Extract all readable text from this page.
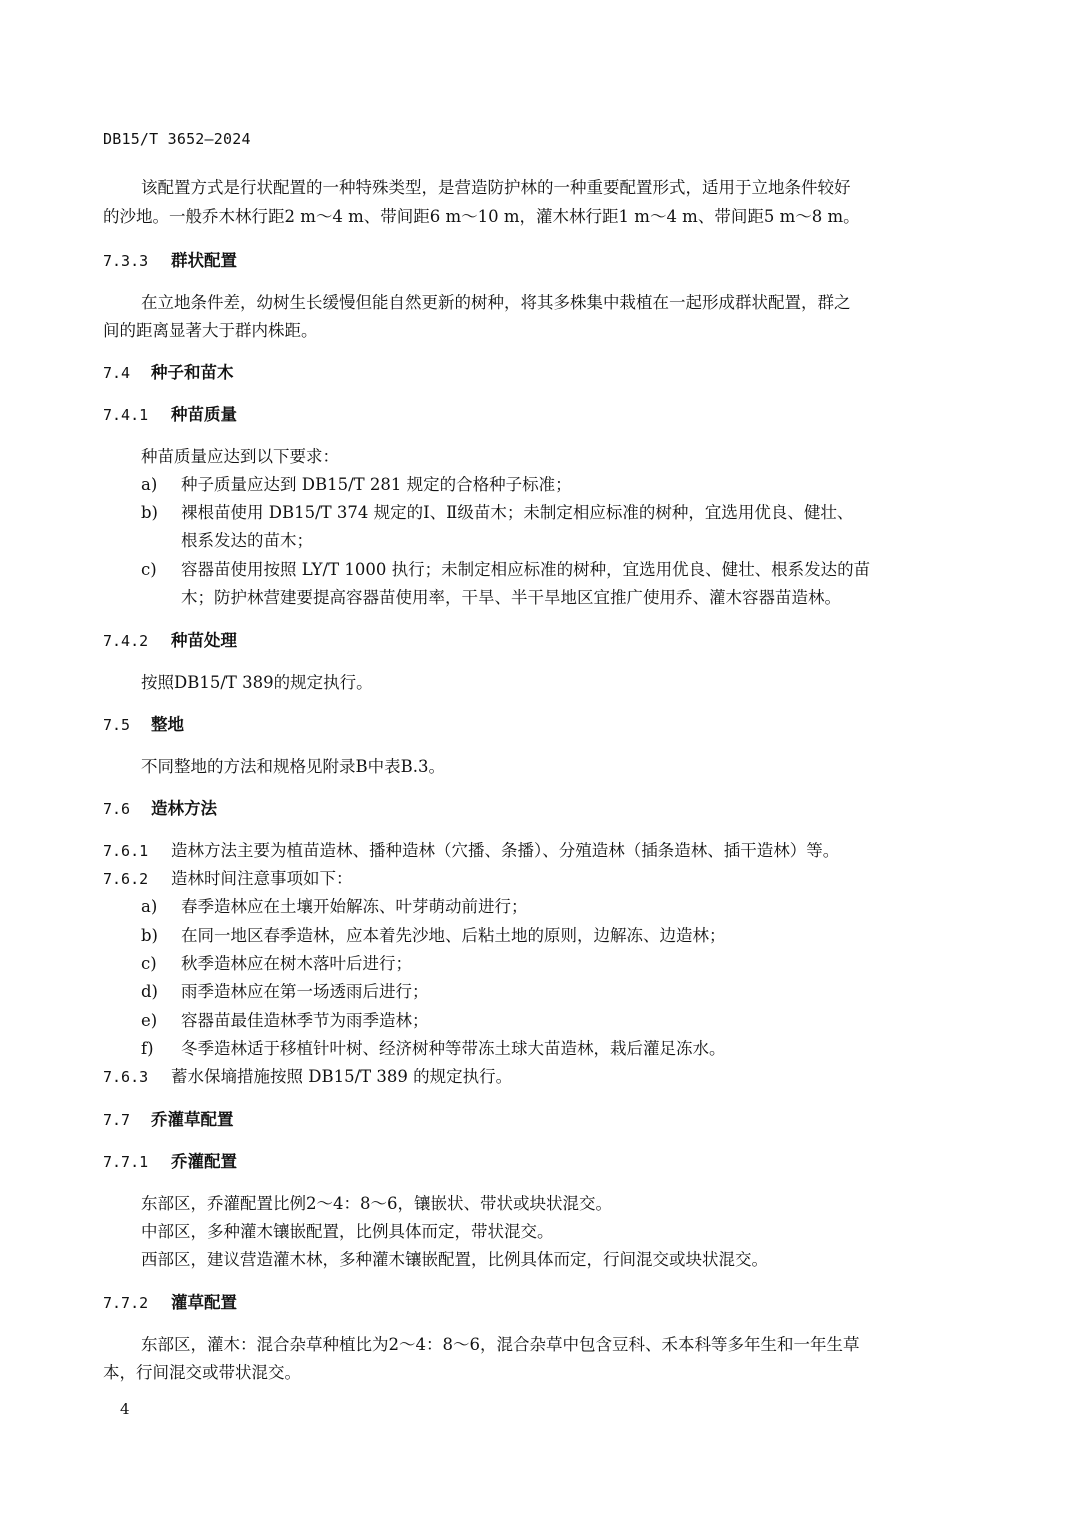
DB15/T 3652—2024
该配置方式是行状配置的一种特殊类型，是营造防护林的一种重要配置形式，适用于立地条件较好
的沙地。一般乔木林行距2 m～4 m、带间距6 m～10 m，灌木林行距1 m～4 m、带间距5 m～8 m。
7.3.3 群状配置
在立地条件差，幼树生长缓慢但能自然更新的树种，将其多株集中栽植在一起形成群状配置，群之
间的距离显著大于群内株距。
7.4 种子和苗木
7.4.1 种苗质量
种苗质量应达到以下要求：
a) 种子质量应达到 DB15/T 281 规定的合格种子标准；
b) 裸根苗使用 DB15/T 374 规定的Ⅰ、Ⅱ级苗木；未制定相应标准的树种，宜选用优良、健壮、
根系发达的苗木；
c) 容器苗使用按照 LY/T 1000 执行；未制定相应标准的树种，宜选用优良、健壮、根系发达的苗
木；防护林营建要提高容器苗使用率，干旱、半干旱地区宜推广使用乔、灌木容器苗造林。
7.4.2 种苗处理
按照DB15/T 389的规定执行。
7.5 整地
不同整地的方法和规格见附录B中表B.3。
7.6 造林方法
7.6.1 造林方法主要为植苗造林、播种造林（穴播、条播）、分殖造林（插条造林、插干造林）等。
7.6.2 造林时间注意事项如下：
a) 春季造林应在土壤开始解冻、叶芽萌动前进行；
b) 在同一地区春季造林，应本着先沙地、后粘土地的原则，边解冻、边造林；
c) 秋季造林应在树木落叶后进行；
d) 雨季造林应在第一场透雨后进行；
e) 容器苗最佳造林季节为雨季造林；
f) 冬季造林适于移植针叶树、经济树种等带冻土球大苗造林，栽后灌足冻水。
7.6.3 蓄水保墒措施按照 DB15/T 389 的规定执行。
7.7 乔灌草配置
7.7.1 乔灌配置
东部区，乔灌配置比例2～4：8～6，镶嵌状、带状或块状混交。
中部区，多种灌木镶嵌配置，比例具体而定，带状混交。
西部区，建议营造灌木林，多种灌木镶嵌配置，比例具体而定，行间混交或块状混交。
7.7.2 灌草配置
东部区，灌木：混合杂草种植比为2～4：8～6，混合杂草中包含豆科、禾本科等多年生和一年生草
本，行间混交或带状混交。
4
